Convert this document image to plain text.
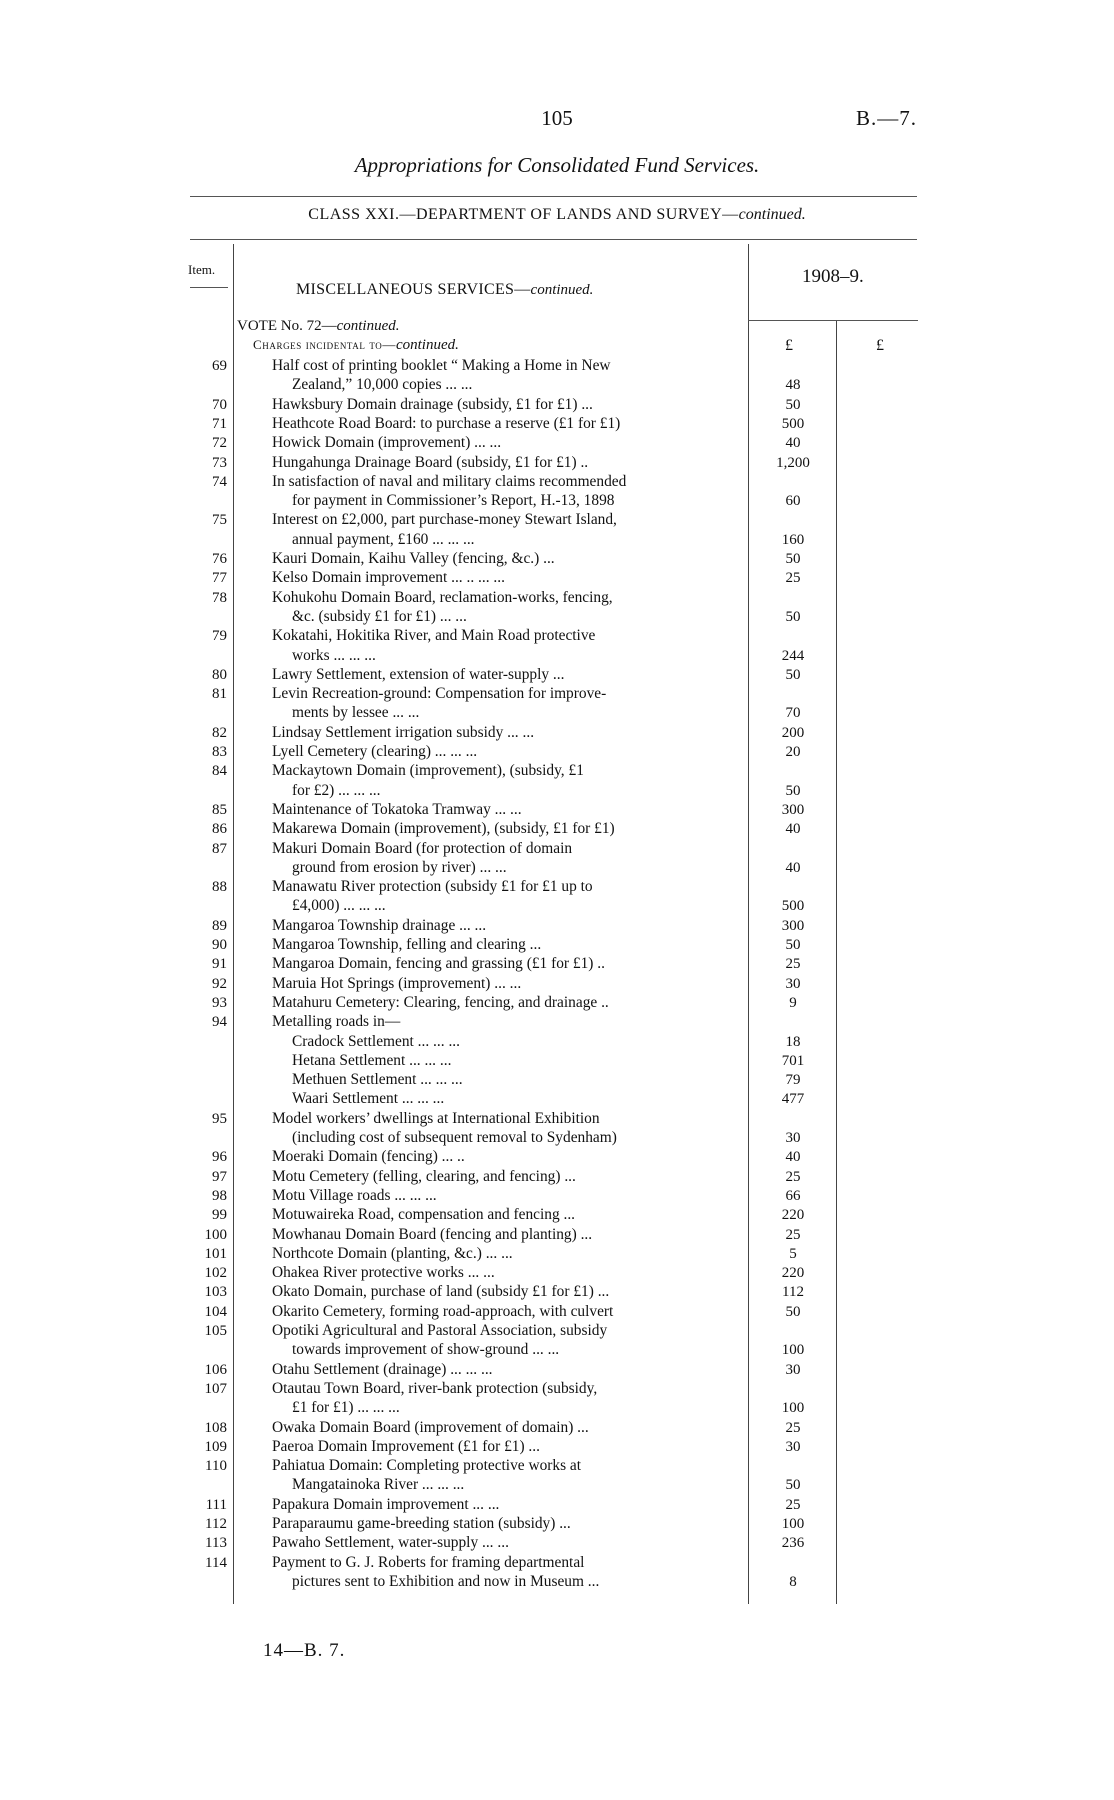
105	B.—7.
Appropriations for Consolidated Fund Services.
CLASS XXI.—DEPARTMENT OF LANDS AND SURVEY—continued.
Item.
MISCELLANEOUS SERVICES—continued.
1908–9.
VOTE No. 72—continued.
Charges incidental to—continued.	£	£
69	Half cost of printing booklet “ Making a Home in New
Zealand,” 10,000 copies ... ...	48
70	Hawksbury Domain drainage (subsidy, £1 for £1) ...	50
71	Heathcote Road Board: to purchase a reserve (£1 for £1)	500
72	Howick Domain (improvement) ... ...	40
73	Hungahunga Drainage Board (subsidy, £1 for £1) ..	1,200
74	In satisfaction of naval and military claims recommended
for payment in Commissioner’s Report, H.-13, 1898	60
75	Interest on £2,000, part purchase-money Stewart Island,
annual payment, £160 ... ... ...	160
76	Kauri Domain, Kaihu Valley (fencing, &c.) ...	50
77	Kelso Domain improvement ... .. ... ...	25
78	Kohukohu Domain Board, reclamation-works, fencing,
&c. (subsidy £1 for £1) ... ...	50
79	Kokatahi, Hokitika River, and Main Road protective
works ... ... ...	244
80	Lawry Settlement, extension of water-supply ...	50
81	Levin Recreation-ground: Compensation for improve-
ments by lessee ... ...	70
82	Lindsay Settlement irrigation subsidy ... ...	200
83	Lyell Cemetery (clearing) ... ... ...	20
84	Mackaytown Domain (improvement), (subsidy, £1
for £2) ... ... ...	50
85	Maintenance of Tokatoka Tramway ... ...	300
86	Makarewa Domain (improvement), (subsidy, £1 for £1)	40
87	Makuri Domain Board (for protection of domain
ground from erosion by river) ... ...	40
88	Manawatu River protection (subsidy £1 for £1 up to
£4,000) ... ... ...	500
89	Mangaroa Township drainage ... ...	300
90	Mangaroa Township, felling and clearing ...	50
91	Mangaroa Domain, fencing and grassing (£1 for £1) ..	25
92	Maruia Hot Springs (improvement) ... ...	30
93	Matahuru Cemetery: Clearing, fencing, and drainage ..	9
94	Metalling roads in—
Cradock Settlement ... ... ...	18
Hetana Settlement ... ... ...	701
Methuen Settlement ... ... ...	79
Waari Settlement ... ... ...	477
95	Model workers’ dwellings at International Exhibition
(including cost of subsequent removal to Sydenham)	30
96	Moeraki Domain (fencing) ... ..	40
97	Motu Cemetery (felling, clearing, and fencing) ...	25
98	Motu Village roads ... ... ...	66
99	Motuwaireka Road, compensation and fencing ...	220
100	Mowhanau Domain Board (fencing and planting) ...	25
101	Northcote Domain (planting, &c.) ... ...	5
102	Ohakea River protective works ... ...	220
103	Okato Domain, purchase of land (subsidy £1 for £1) ...	112
104	Okarito Cemetery, forming road-approach, with culvert	50
105	Opotiki Agricultural and Pastoral Association, subsidy
towards improvement of show-ground ... ...	100
106	Otahu Settlement (drainage) ... ... ...	30
107	Otautau Town Board, river-bank protection (subsidy,
£1 for £1) ... ... ...	100
108	Owaka Domain Board (improvement of domain) ...	25
109	Paeroa Domain Improvement (£1 for £1) ...	30
110	Pahiatua Domain: Completing protective works at
Mangatainoka River ... ... ...	50
111	Papakura Domain improvement ... ...	25
112	Paraparaumu game-breeding station (subsidy) ...	100
113	Pawaho Settlement, water-supply ... ...	236
114	Payment to G. J. Roberts for framing departmental
pictures sent to Exhibition and now in Museum ...	8
14—B. 7.
